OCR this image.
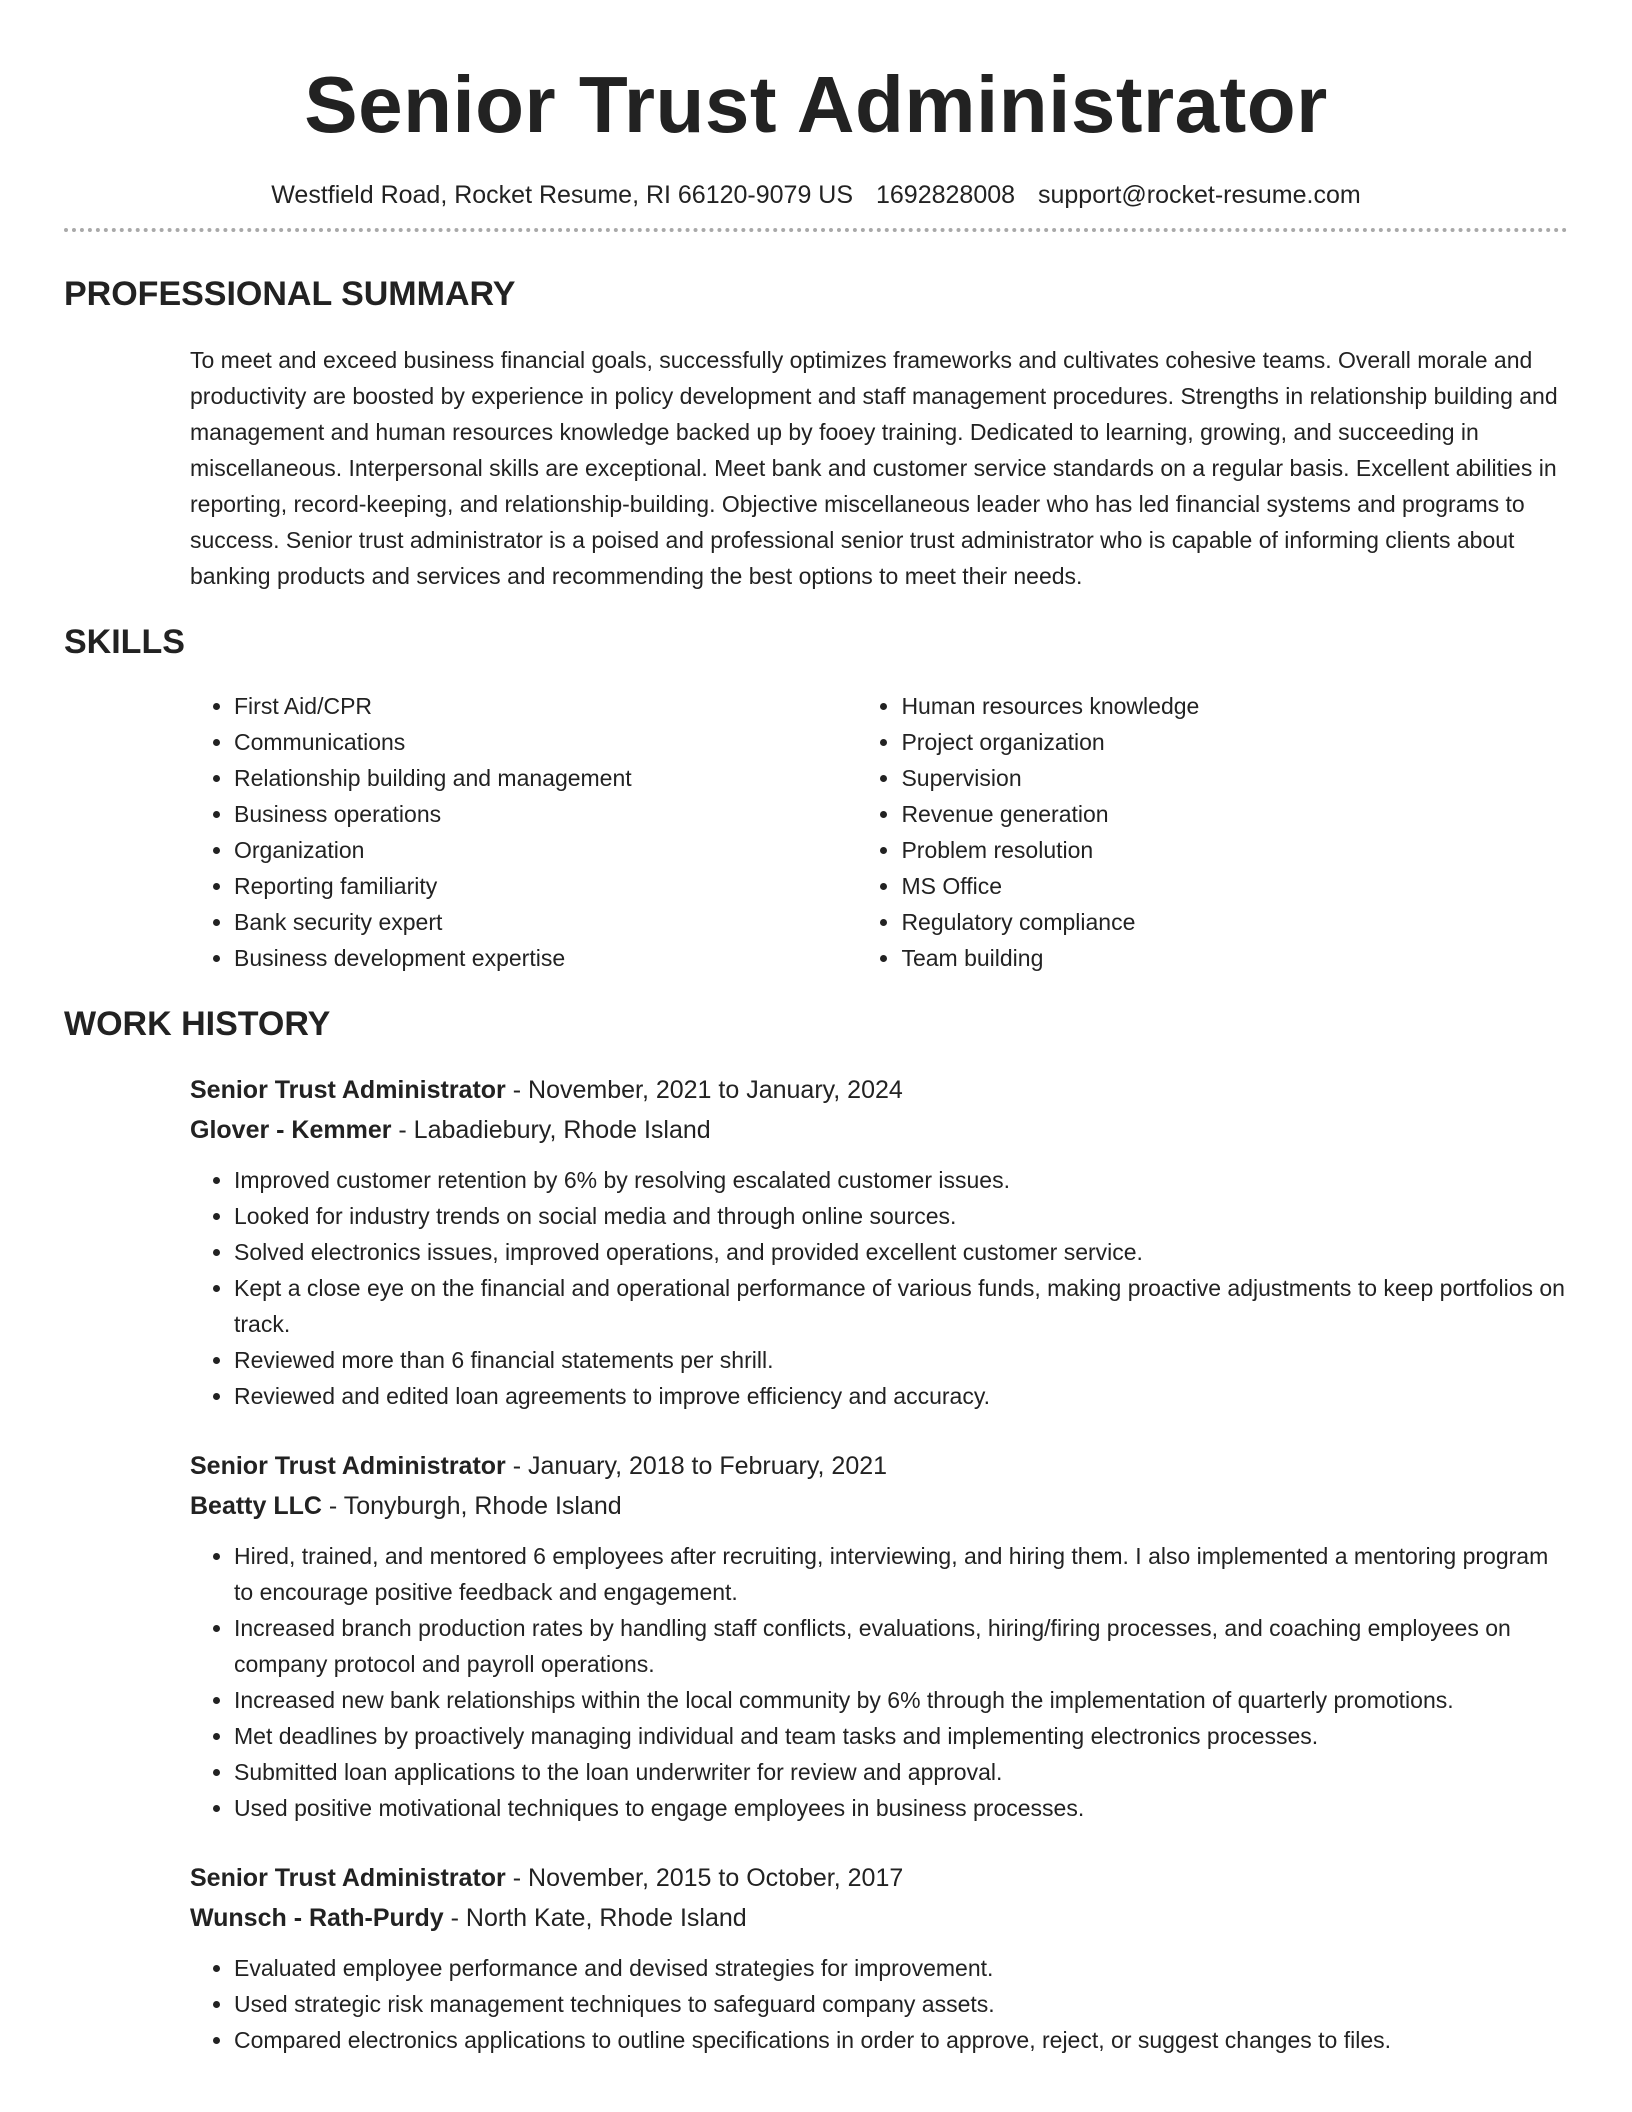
Senior Trust Administrator
Westfield Road, Rocket Resume, RI 66120-9079 US 1692828008 support@rocket-resume.com
PROFESSIONAL SUMMARY

To meet and exceed business financial goals, successfully optimizes frameworks and cultivates cohesive teams. Overall morale and productivity are boosted by experience in policy development and staff management procedures. Strengths in relationship building and management and human resources knowledge backed up by fooey training. Dedicated to learning, growing, and succeeding in miscellaneous. Interpersonal skills are exceptional. Meet bank and customer service standards on a regular basis. Excellent abilities in reporting, record-keeping, and relationship-building. Objective miscellaneous leader who has led financial systems and programs to success. Senior trust administrator is a poised and professional senior trust administrator who is capable of informing clients about banking products and services and recommending the best options to meet their needs.

SKILLS
• First Aid/CPR
• Communications
• Relationship building and management
• Business operations
• Organization
• Reporting familiarity
• Bank security expert
• Business development expertise
• Human resources knowledge
• Project organization
• Supervision
• Revenue generation
• Problem resolution
• MS Office
• Regulatory compliance
• Team building
WORK HISTORY
Senior Trust Administrator - November, 2021 to January, 2024
Glover - Kemmer - Labadiebury, Rhode Island
• Improved customer retention by 6% by resolving escalated customer issues.
• Looked for industry trends on social media and through online sources.
• Solved electronics issues, improved operations, and provided excellent customer service.
• Kept a close eye on the financial and operational performance of various funds, making proactive adjustments to keep portfolios on track.
• Reviewed more than 6 financial statements per shrill.
• Reviewed and edited loan agreements to improve efficiency and accuracy.
Senior Trust Administrator - January, 2018 to February, 2021
Beatty LLC - Tonyburgh, Rhode Island
• Hired, trained, and mentored 6 employees after recruiting, interviewing, and hiring them. I also implemented a mentoring program to encourage positive feedback and engagement.
• Increased branch production rates by handling staff conflicts, evaluations, hiring/firing processes, and coaching employees on company protocol and payroll operations.
• Increased new bank relationships within the local community by 6% through the implementation of quarterly promotions.
• Met deadlines by proactively managing individual and team tasks and implementing electronics processes.
• Submitted loan applications to the loan underwriter for review and approval.
• Used positive motivational techniques to engage employees in business processes.
Senior Trust Administrator - November, 2015 to October, 2017
Wunsch - Rath-Purdy - North Kate, Rhode Island
• Evaluated employee performance and devised strategies for improvement.
• Used strategic risk management techniques to safeguard company assets.
• Compared electronics applications to outline specifications in order to approve, reject, or suggest changes to files.
